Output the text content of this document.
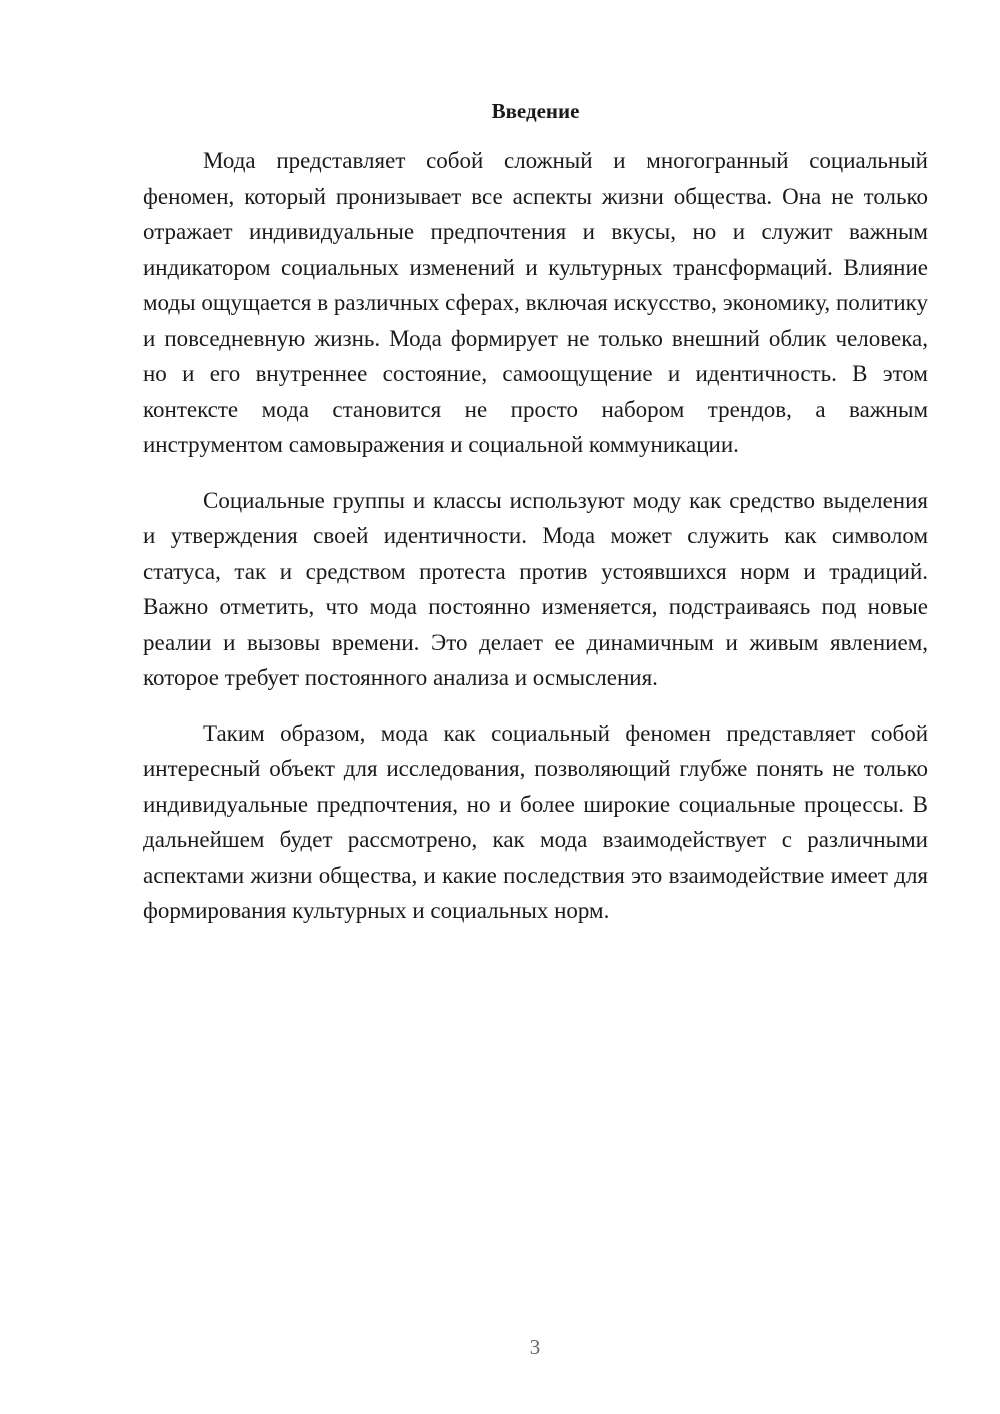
Введение

Мода представляет собой сложный и многогранный социальный феномен, который пронизывает все аспекты жизни общества. Она не только отражает индивидуальные предпочтения и вкусы, но и служит важным индикатором социальных изменений и культурных трансформаций. Влияние моды ощущается в различных сферах, включая искусство, экономику, политику и повседневную жизнь. Мода формирует не только внешний облик человека, но и его внутреннее состояние, самоощущение и идентичность. В этом контексте мода становится не просто набором трендов, а важным инструментом самовыражения и социальной коммуникации.

Социальные группы и классы используют моду как средство выделения и утверждения своей идентичности. Мода может служить как символом статуса, так и средством протеста против устоявшихся норм и традиций. Важно отметить, что мода постоянно изменяется, подстраиваясь под новые реалии и вызовы времени. Это делает ее динамичным и живым явлением, которое требует постоянного анализа и осмысления.

Таким образом, мода как социальный феномен представляет собой интересный объект для исследования, позволяющий глубже понять не только индивидуальные предпочтения, но и более широкие социальные процессы. В дальнейшем будет рассмотрено, как мода взаимодействует с различными аспектами жизни общества, и какие последствия это взаимодействие имеет для формирования культурных и социальных норм.

3
